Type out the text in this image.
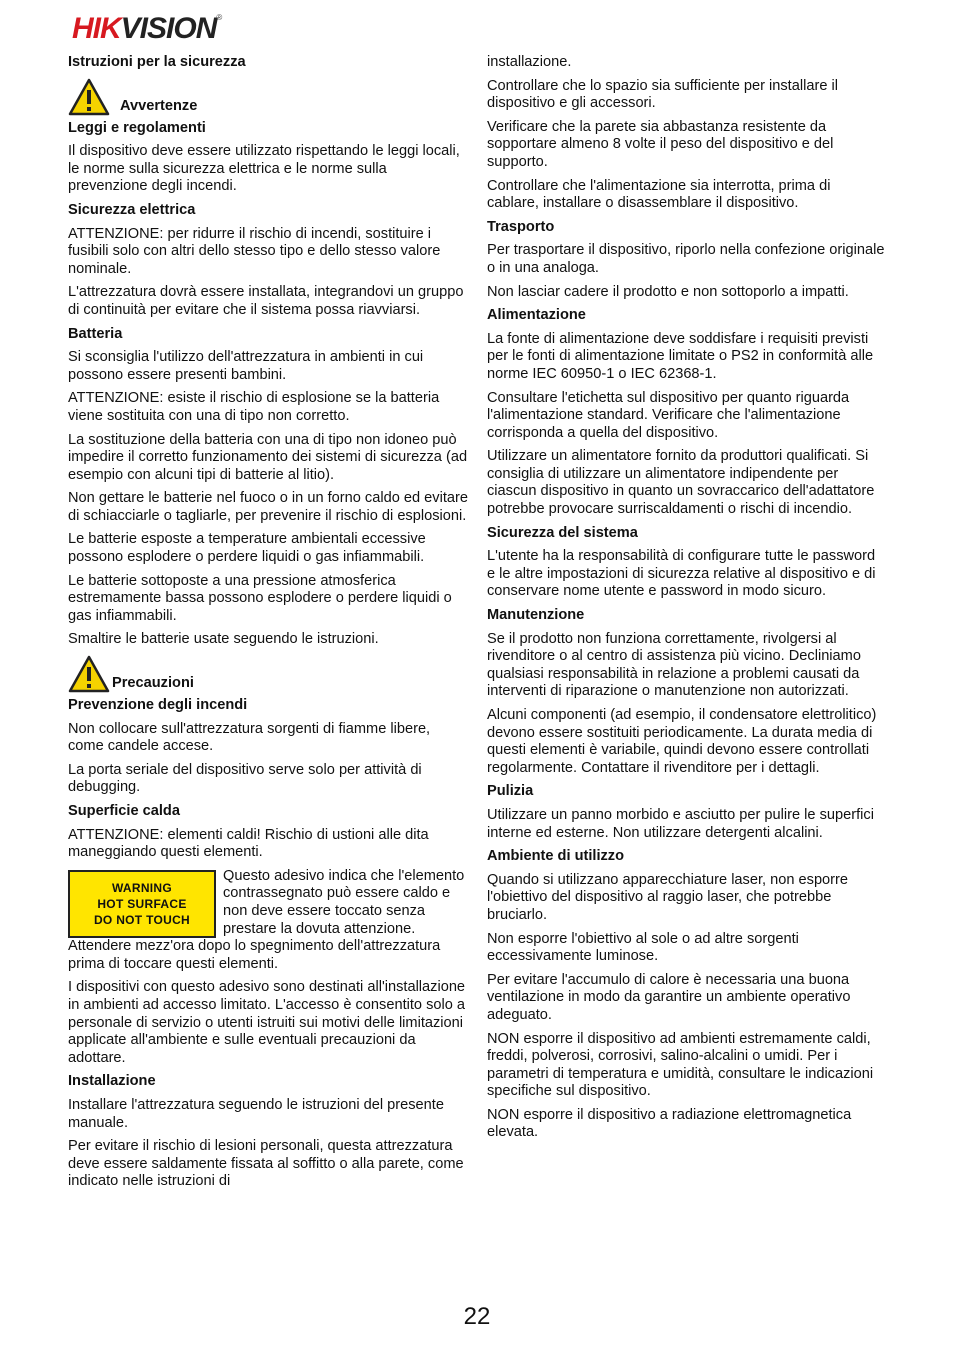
HIKVISION®
Istruzioni per la sicurezza
Avvertenze
Leggi e regolamenti

Il dispositivo deve essere utilizzato rispettando le leggi locali, le norme sulla sicurezza elettrica e le norme sulla prevenzione degli incendi.

Sicurezza elettrica

ATTENZIONE: per ridurre il rischio di incendi, sostituire i fusibili solo con altri dello stesso tipo e dello stesso valore nominale.

L'attrezzatura dovrà essere installata, integrandovi un gruppo di continuità per evitare che il sistema possa riavviarsi.

Batteria

Si sconsiglia l'utilizzo dell'attrezzatura in ambienti in cui possono essere presenti bambini.

ATTENZIONE: esiste il rischio di esplosione se la batteria viene sostituita con una di tipo non corretto.

La sostituzione della batteria con una di tipo non idoneo può impedire il corretto funzionamento dei sistemi di sicurezza (ad esempio con alcuni tipi di batterie al litio).

Non gettare le batterie nel fuoco o in un forno caldo ed evitare di schiacciarle o tagliarle, per prevenire il rischio di esplosioni.

Le batterie esposte a temperature ambientali eccessive possono esplodere o perdere liquidi o gas infiammabili.

Le batterie sottoposte a una pressione atmosferica estremamente bassa possono esplodere o perdere liquidi o gas infiammabili.

Smaltire le batterie usate seguendo le istruzioni.

Precauzioni
Prevenzione degli incendi

Non collocare sull'attrezzatura sorgenti di fiamme libere, come candele accese.

La porta seriale del dispositivo serve solo per attività di debugging.

Superficie calda

ATTENZIONE: elementi caldi! Rischio di ustioni alle dita maneggiando questi elementi.

WARNING
HOT SURFACE
DO NOT TOUCH

Questo adesivo indica che l'elemento contrassegnato può essere caldo e non deve essere toccato senza prestare la dovuta attenzione. Attendere mezz'ora dopo lo spegnimento dell'attrezzatura prima di toccare questi elementi.

I dispositivi con questo adesivo sono destinati all'installazione in ambienti ad accesso limitato. L'accesso è consentito solo a personale di servizio o utenti istruiti sui motivi delle limitazioni applicate all'ambiente e sulle eventuali precauzioni da adottare.

Installazione

Installare l'attrezzatura seguendo le istruzioni del presente manuale.

Per evitare il rischio di lesioni personali, questa attrezzatura deve essere saldamente fissata al soffitto o alla parete, come indicato nelle istruzioni di

installazione.

Controllare che lo spazio sia sufficiente per installare il dispositivo e gli accessori.

Verificare che la parete sia abbastanza resistente da sopportare almeno 8 volte il peso del dispositivo e del supporto.

Controllare che l'alimentazione sia interrotta, prima di cablare, installare o disassemblare il dispositivo.

Trasporto

Per trasportare il dispositivo, riporlo nella confezione originale o in una analoga.

Non lasciar cadere il prodotto e non sottoporlo a impatti.

Alimentazione

La fonte di alimentazione deve soddisfare i requisiti previsti per le fonti di alimentazione limitate o PS2 in conformità alle norme IEC 60950-1 o IEC 62368-1.

Consultare l'etichetta sul dispositivo per quanto riguarda l'alimentazione standard. Verificare che l'alimentazione corrisponda a quella del dispositivo.

Utilizzare un alimentatore fornito da produttori qualificati. Si consiglia di utilizzare un alimentatore indipendente per ciascun dispositivo in quanto un sovraccarico dell'adattatore potrebbe provocare surriscaldamenti o rischi di incendio.

Sicurezza del sistema

L'utente ha la responsabilità di configurare tutte le password e le altre impostazioni di sicurezza relative al dispositivo e di conservare nome utente e password in modo sicuro.

Manutenzione

Se il prodotto non funziona correttamente, rivolgersi al rivenditore o al centro di assistenza più vicino. Decliniamo qualsiasi responsabilità in relazione a problemi causati da interventi di riparazione o manutenzione non autorizzati.

Alcuni componenti (ad esempio, il condensatore elettrolitico) devono essere sostituiti periodicamente. La durata media di questi elementi è variabile, quindi devono essere controllati regolarmente. Contattare il rivenditore per i dettagli.

Pulizia

Utilizzare un panno morbido e asciutto per pulire le superfici interne ed esterne. Non utilizzare detergenti alcalini.

Ambiente di utilizzo

Quando si utilizzano apparecchiature laser, non esporre l'obiettivo del dispositivo al raggio laser, che potrebbe bruciarlo.

Non esporre l'obiettivo al sole o ad altre sorgenti eccessivamente luminose.

Per evitare l'accumulo di calore è necessaria una buona ventilazione in modo da garantire un ambiente operativo adeguato.

NON esporre il dispositivo ad ambienti estremamente caldi, freddi, polverosi, corrosivi, salino-alcalini o umidi. Per i parametri di temperatura e umidità, consultare le indicazioni specifiche sul dispositivo.

NON esporre il dispositivo a radiazione elettromagnetica elevata.

22
